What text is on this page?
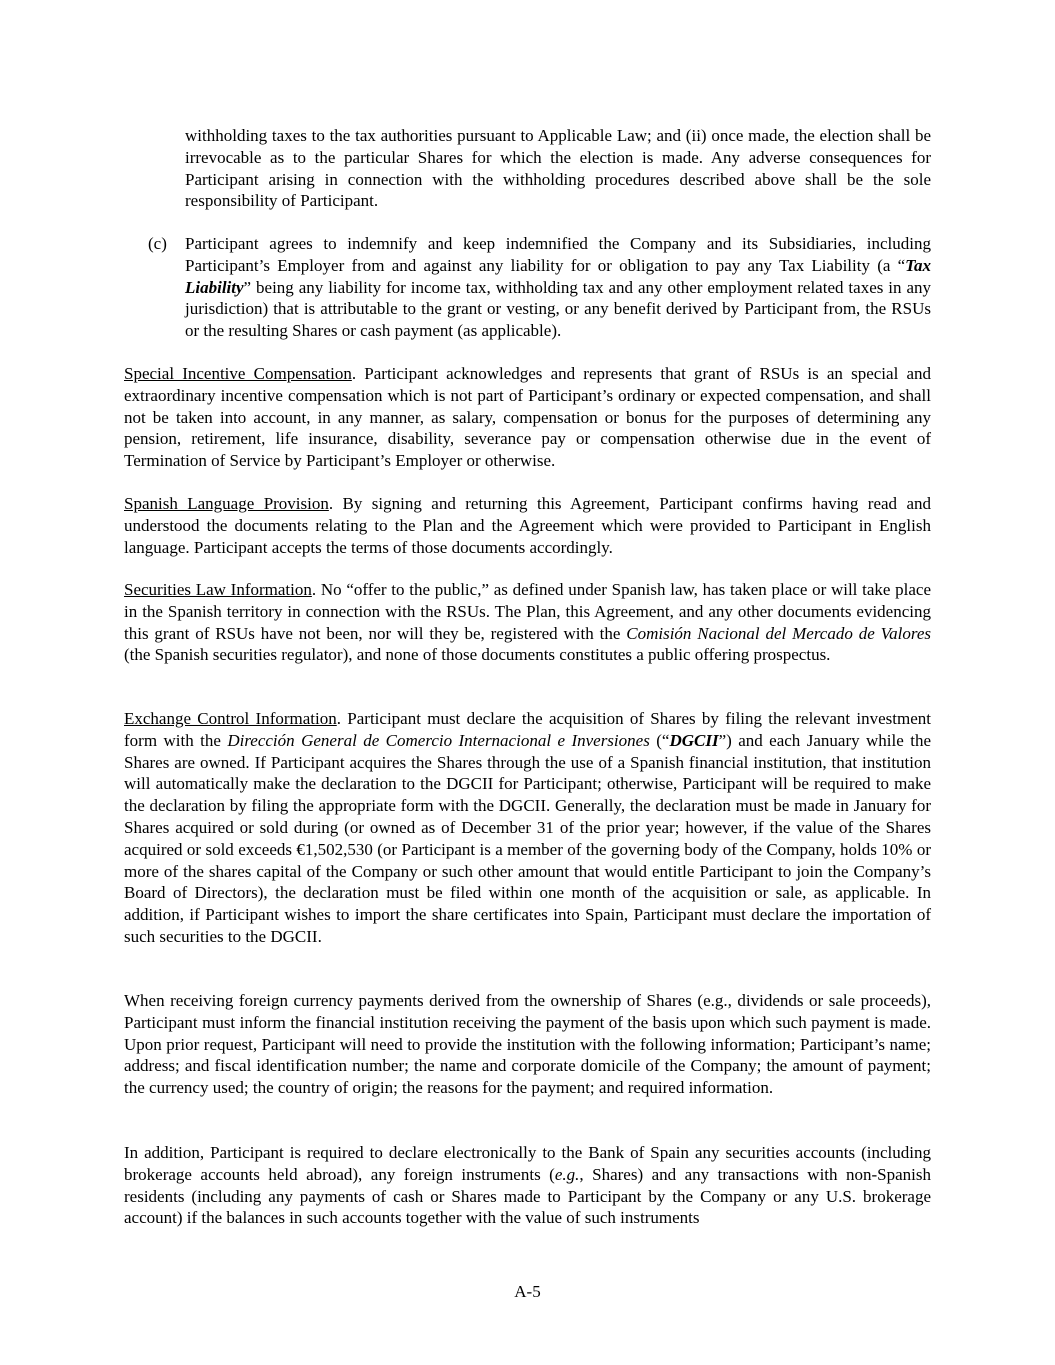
withholding taxes to the tax authorities pursuant to Applicable Law; and (ii) once made, the election shall be irrevocable as to the particular Shares for which the election is made. Any adverse consequences for Participant arising in connection with the withholding procedures described above shall be the sole responsibility of Participant.

(c) Participant agrees to indemnify and keep indemnified the Company and its Subsidiaries, including Participant’s Employer from and against any liability for or obligation to pay any Tax Liability (a “Tax Liability” being any liability for income tax, withholding tax and any other employment related taxes in any jurisdiction) that is attributable to the grant or vesting, or any benefit derived by Participant from, the RSUs or the resulting Shares or cash payment (as applicable).

Special Incentive Compensation. Participant acknowledges and represents that grant of RSUs is an special and extraordinary incentive compensation which is not part of Participant’s ordinary or expected compensation, and shall not be taken into account, in any manner, as salary, compensation or bonus for the purposes of determining any pension, retirement, life insurance, disability, severance pay or compensation otherwise due in the event of Termination of Service by Participant’s Employer or otherwise.

Spanish Language Provision. By signing and returning this Agreement, Participant confirms having read and understood the documents relating to the Plan and the Agreement which were provided to Participant in English language. Participant accepts the terms of those documents accordingly.

Securities Law Information. No “offer to the public,” as defined under Spanish law, has taken place or will take place in the Spanish territory in connection with the RSUs. The Plan, this Agreement, and any other documents evidencing this grant of RSUs have not been, nor will they be, registered with the Comisión Nacional del Mercado de Valores (the Spanish securities regulator), and none of those documents constitutes a public offering prospectus.

Exchange Control Information. Participant must declare the acquisition of Shares by filing the relevant investment form with the Dirección General de Comercio Internacional e Inversiones (“DGCII”) and each January while the Shares are owned. If Participant acquires the Shares through the use of a Spanish financial institution, that institution will automatically make the declaration to the DGCII for Participant; otherwise, Participant will be required to make the declaration by filing the appropriate form with the DGCII. Generally, the declaration must be made in January for Shares acquired or sold during (or owned as of December 31 of the prior year; however, if the value of the Shares acquired or sold exceeds €1,502,530 (or Participant is a member of the governing body of the Company, holds 10% or more of the shares capital of the Company or such other amount that would entitle Participant to join the Company’s Board of Directors), the declaration must be filed within one month of the acquisition or sale, as applicable. In addition, if Participant wishes to import the share certificates into Spain, Participant must declare the importation of such securities to the DGCII.

When receiving foreign currency payments derived from the ownership of Shares (e.g., dividends or sale proceeds), Participant must inform the financial institution receiving the payment of the basis upon which such payment is made. Upon prior request, Participant will need to provide the institution with the following information; Participant’s name; address; and fiscal identification number; the name and corporate domicile of the Company; the amount of payment; the currency used; the country of origin; the reasons for the payment; and required information.

In addition, Participant is required to declare electronically to the Bank of Spain any securities accounts (including brokerage accounts held abroad), any foreign instruments (e.g., Shares) and any transactions with non-Spanish residents (including any payments of cash or Shares made to Participant by the Company or any U.S. brokerage account) if the balances in such accounts together with the value of such instruments

A-5
